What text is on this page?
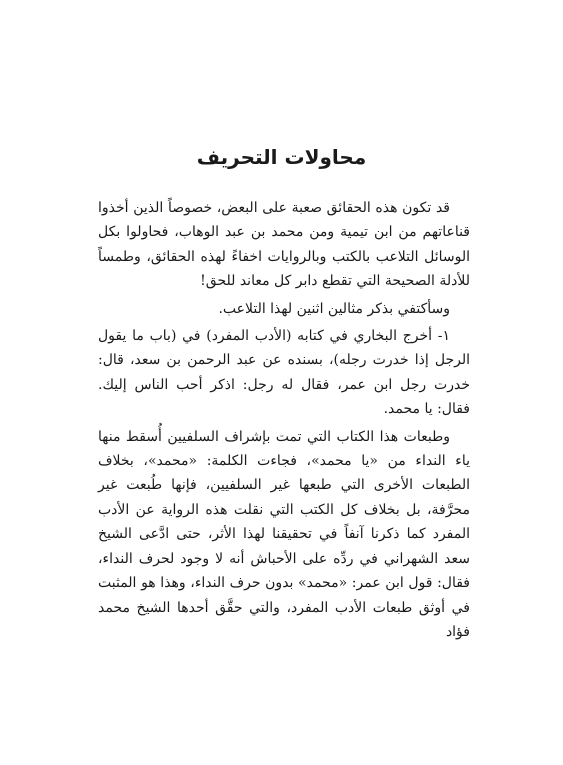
محاولات التحريف

قد تكون هذه الحقائق صعبة على البعض، خصوصاً الذين أخذوا قناعاتهم من ابن تيمية ومن محمد بن عبد الوهاب، فحاولوا بكل الوسائل التلاعب بالكتب وبالروايات اخفاءً لهذه الحقائق، وطمساً للأدلة الصحيحة التي تقطع دابر كل معاند للحق!

وسأكتفي بذكر مثالين اثنين لهذا التلاعب.

١- أخرج البخاري في كتابه (الأدب المفرد) في (باب ما يقول الرجل إذا خدرت رجله)، بسنده عن عبد الرحمن بن سعد، قال: خدرت رجل ابن عمر، فقال له رجل: اذكر أحب الناس إليك. فقال: يا محمد.

وطبعات هذا الكتاب التي تمت بإشراف السلفيين أُسقط منها ياء النداء من «يا محمد»، فجاءت الكلمة: «محمد»، بخلاف الطبعات الأخرى التي طبعها غير السلفيين، فإنها طُبعت غير محرَّفة، بل بخلاف كل الكتب التي نقلت هذه الرواية عن الأدب المفرد كما ذكرنا آنفاً في تحقيقنا لهذا الأثر، حتى ادَّعى الشيخ سعد الشهراني في ردِّه على الأحباش أنه لا وجود لحرف النداء، فقال: قول ابن عمر: «محمد» بدون حرف النداء، وهذا هو المثبت في أوثق طبعات الأدب المفرد، والتي حقَّق أحدها الشيخ محمد فؤاد
